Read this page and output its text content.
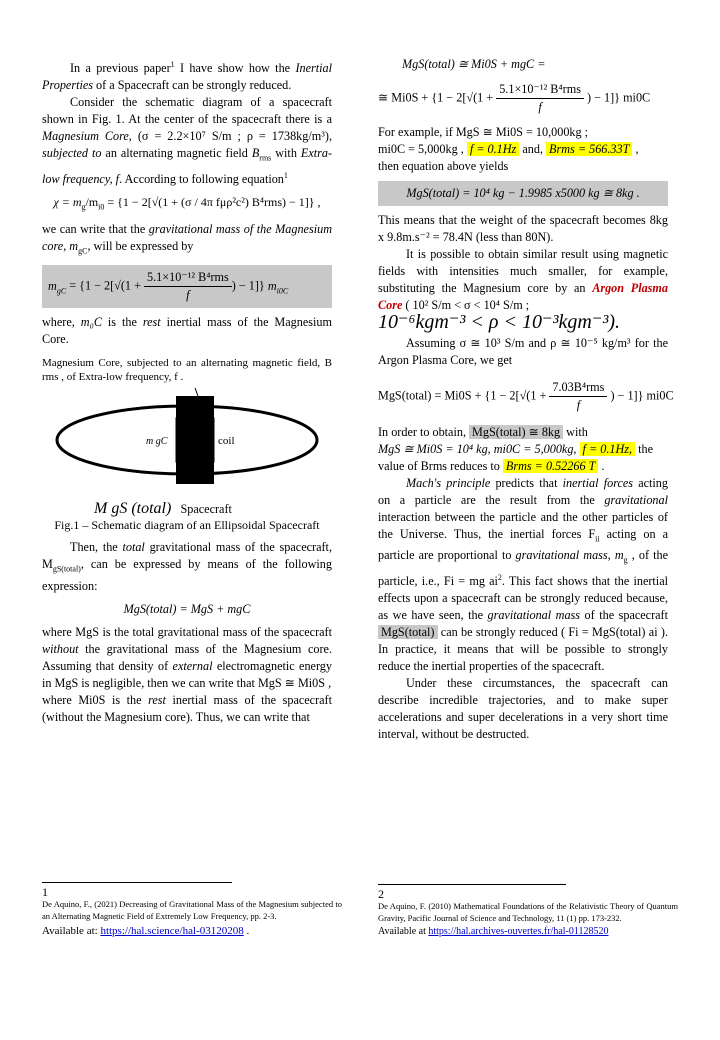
In a previous paper$^1$ I have show how the Inertial Properties of a Spacecraft can be strongly reduced.

Consider the schematic diagram of a spacecraft shown in Fig. 1. At the center of the spacecraft there is a Magnesium Core, (σ = 2.2×10⁷ S/m ; ρ = 1738kg/m³), subjected to an alternating magnetic field $B_{rms}$ with Extra-low frequency, f. According to following equation$^1$

$\chi = m_g/m_{i0} = \{1 - 2[√(1 + (\sigma / 4\pi$ fμρ²c²) B⁴rms) − 1]} ,

we can write that the gravitational mass of the Magnesium core, $m_{gC}$, will be expressed by

$m_{gC} = \{1 - 2[√(1 + \frac{\text{5.1×10⁻¹² B⁴rms}}{f}$ ) − 1]} $m_{i0C}$

where, m₀C is the rest inertial mass of the Magnesium Core.

Magnesium Core, subjected to an alternating magnetic field, B rms , of Extra-low frequency, f .
m gC	coil
M gS (total) Spacecraft
Fig.1 – Schematic diagram of an Ellipsoidal Spacecraft

Then, the total gravitational mass of the spacecraft, $M_{gS(total)}$, can be expressed by means of the following expression:

MgS(total) = MgS + mgC

where MgS is the total gravitational mass of the spacecraft without the gravitational mass of the Magnesium core. Assuming that density of external electromagnetic energy in MgS is negligible, then we can write that MgS ≅ Mi0S ,

where Mi0S is the rest inertial mass of the spacecraft (without the Magnesium core). Thus, we can write that

MgS(total) ≅ Mi0S + mgC =
≅ $Mi0S + \{1 - 2[√(1 + \frac{\text{5.1×10⁻¹² B⁴rms}}{f}$ ) − 1]} mi0C

For example, if MgS ≅ Mi0S = 10,000kg ;
mi0C = 5,000kg , f = 0.1Hz and, Brms = 566.33T ,
then equation above yields

MgS(total) = 10⁴ kg − 1.9985 x5000 kg ≅ 8kg .

This means that the weight of the spacecraft becomes 8kg x 9.8m.s⁻² = 78.4N (less than 80N).

It is possible to obtain similar result using magnetic fields with intensities much smaller, for example, substituting the Magnesium core by an Argon Plasma Core ( 10² S/m < σ < 10⁴ S/m ;

10⁻⁶kgm⁻³ < ρ < 10⁻³kgm⁻³).

Assuming σ ≅ 10³ S/m and ρ ≅ 10⁻⁵ kg/m³ for the Argon Plasma Core, we get

MgS(total) = $Mi0S + \{1 - 2[√(1 + \frac{\text{7.03B⁴rms}}{f}$ ) − 1]} mi0C

In order to obtain, MgS(total) ≅ 8kg with
MgS ≅ Mi0S = 10⁴ kg, mi0C = 5,000kg, f = 0.1Hz, the
value of Brms reduces to Brms = 0.52266 T .

Mach's principle predicts that inertial forces acting on a particle are the result from the gravitational interaction between the particle and the other particles of the Universe. Thus, the inertial forces $F_{ii}$ acting on a particle are proportional to gravitational mass, $m_g$ , of the particle, i.e., Fi = mg $ai^2$. This fact shows that the inertial effects upon a spacecraft can be strongly reduced because, as we have seen, the gravitational mass of the spacecraft MgS(total) can be strongly reduced ( Fi = MgS(total) ai ). In practice, it means that will be possible to strongly reduce the inertial properties of the spacecraft.

Under these circumstances, the spacecraft can describe incredible trajectories, and to make super accelerations and super decelerations in a very short time interval, without be destructed.

1
De Aquino, F., (2021) Decreasing of Gravitational Mass of the Magnesium subjected to an Alternating Magnetic Field of Extremely Low Frequency, pp. 2-3.
Available at: https://hal.science/hal-03120208 .
2
De Aquino, F. (2010) Mathematical Foundations of the Relativistic Theory of Quantum Gravity, Pacific Journal of Science and Technology, 11 (1) pp. 173-232.
Available at https://hal.archives-ouvertes.fr/hal-01128520
